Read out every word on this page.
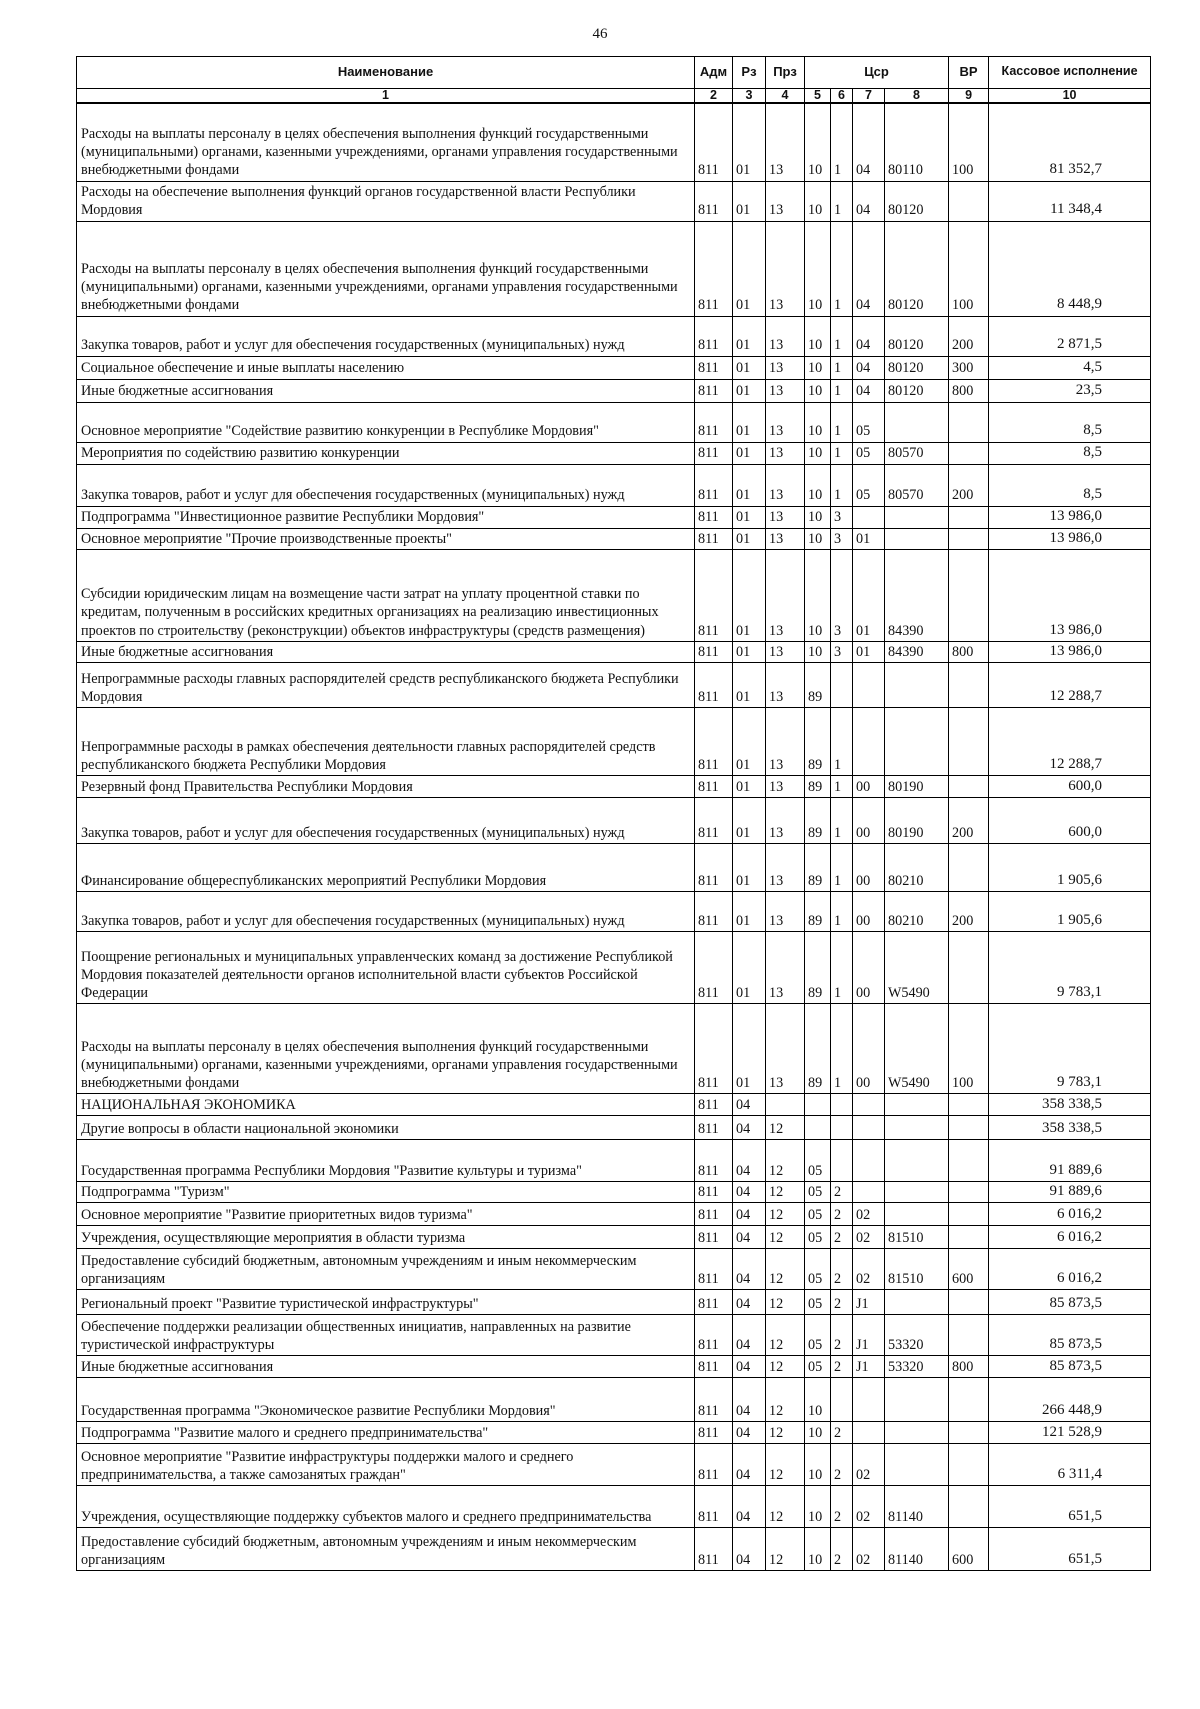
46
Наименование	Адм	Рз	Прз	Цср				ВР	Кассовое исполнение
1	2	3	4	5	6	7	8	9	10
Расходы на выплаты персоналу в целях обеспечения выполнения функций государственными (муниципальными) органами, казенными учреждениями, органами управления государственными внебюджетными фондами	811	01	13	10	1	04	80110	100	81 352,7
Расходы на обеспечение выполнения функций органов государственной власти Республики Мордовия	811	01	13	10	1	04	80120		11 348,4
Расходы на выплаты персоналу в целях обеспечения выполнения функций государственными (муниципальными) органами, казенными учреждениями, органами управления государственными внебюджетными фондами	811	01	13	10	1	04	80120	100	8 448,9
Закупка товаров, работ и услуг для обеспечения государственных (муниципальных) нужд	811	01	13	10	1	04	80120	200	2 871,5
Социальное обеспечение и иные выплаты населению	811	01	13	10	1	04	80120	300	4,5
Иные бюджетные ассигнования	811	01	13	10	1	04	80120	800	23,5
Основное мероприятие "Содействие развитию конкуренции в Республике Мордовия"	811	01	13	10	1	05			8,5
Мероприятия по содействию развитию конкуренции	811	01	13	10	1	05	80570		8,5
Закупка товаров, работ и услуг для обеспечения государственных (муниципальных) нужд	811	01	13	10	1	05	80570	200	8,5
Подпрограмма "Инвестиционное развитие Республики Мордовия"	811	01	13	10	3				13 986,0
Основное мероприятие "Прочие производственные проекты"	811	01	13	10	3	01			13 986,0
Субсидии юридическим лицам на возмещение части затрат на уплату процентной ставки по кредитам, полученным в российских кредитных организациях на реализацию инвестиционных проектов по строительству (реконструкции) объектов инфраструктуры (средств размещения)	811	01	13	10	3	01	84390		13 986,0
Иные бюджетные ассигнования	811	01	13	10	3	01	84390	800	13 986,0
Непрограммные расходы главных распорядителей средств республиканского бюджета Республики Мордовия	811	01	13	89					12 288,7
Непрограммные расходы в рамках обеспечения деятельности главных распорядителей средств республиканского бюджета Республики Мордовия	811	01	13	89	1				12 288,7
Резервный фонд Правительства Республики Мордовия	811	01	13	89	1	00	80190		600,0
Закупка товаров, работ и услуг для обеспечения государственных (муниципальных) нужд	811	01	13	89	1	00	80190	200	600,0
Финансирование общереспубликанских мероприятий Республики Мордовия	811	01	13	89	1	00	80210		1 905,6
Закупка товаров, работ и услуг для обеспечения государственных (муниципальных) нужд	811	01	13	89	1	00	80210	200	1 905,6
Поощрение региональных и муниципальных управленческих команд за достижение Республикой Мордовия показателей деятельности органов исполнительной власти субъектов Российской Федерации	811	01	13	89	1	00	W5490		9 783,1
Расходы на выплаты персоналу в целях обеспечения выполнения функций государственными (муниципальными) органами, казенными учреждениями, органами управления государственными внебюджетными фондами	811	01	13	89	1	00	W5490	100	9 783,1
НАЦИОНАЛЬНАЯ ЭКОНОМИКА	811	04							358 338,5
Другие вопросы в области национальной экономики	811	04	12						358 338,5
Государственная программа Республики Мордовия "Развитие культуры и туризма"	811	04	12	05					91 889,6
Подпрограмма "Туризм"	811	04	12	05	2				91 889,6
Основное мероприятие "Развитие приоритетных видов туризма"	811	04	12	05	2	02			6 016,2
Учреждения, осуществляющие мероприятия в области туризма	811	04	12	05	2	02	81510		6 016,2
Предоставление субсидий бюджетным, автономным учреждениям и иным некоммерческим организациям	811	04	12	05	2	02	81510	600	6 016,2
Региональный проект "Развитие туристической инфраструктуры"	811	04	12	05	2	J1			85 873,5
Обеспечение поддержки реализации общественных инициатив, направленных на развитие туристической инфраструктуры	811	04	12	05	2	J1	53320		85 873,5
Иные бюджетные ассигнования	811	04	12	05	2	J1	53320	800	85 873,5
Государственная программа "Экономическое развитие Республики Мордовия"	811	04	12	10					266 448,9
Подпрограмма "Развитие малого и среднего предпринимательства"	811	04	12	10	2				121 528,9
Основное мероприятие "Развитие инфраструктуры поддержки малого и среднего предпринимательства, а также самозанятых граждан"	811	04	12	10	2	02			6 311,4
Учреждения, осуществляющие поддержку субъектов малого и среднего предпринимательства	811	04	12	10	2	02	81140		651,5
Предоставление субсидий бюджетным, автономным учреждениям и иным некоммерческим организациям	811	04	12	10	2	02	81140	600	651,5
